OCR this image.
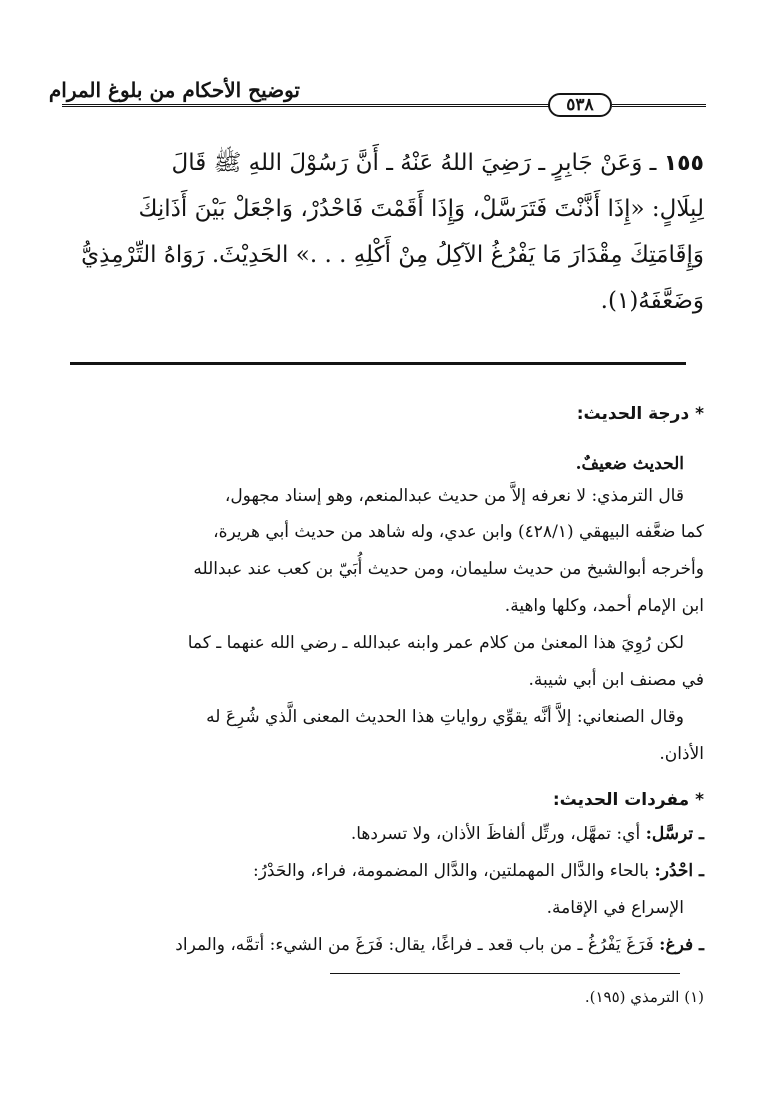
توضيح الأحكام من بلوغ المرام
٥٣٨
١٥٥ ـ وَعَنْ جَابِرٍ ـ رَضِيَ اللهُ عَنْهُ ـ أَنَّ رَسُوْلَ اللهِ ﷺ قَالَ
لِبِلَالٍ: «إِذَا أَذَّنْتَ فَتَرَسَّلْ، وَإِذَا أَقَمْتَ فَاحْدُرْ، وَاجْعَلْ بَيْنَ أَذَانِكَ
وَإِقَامَتِكَ مِقْدَارَ مَا يَفْرُغُ الآكِلُ مِنْ أَكْلِهِ . . .» الحَدِيْثَ. رَوَاهُ التِّرْمِذِيُّ
وَضَعَّفَهُ(١).
* درجة الحديث:
الحديث ضعيفٌ.
قال الترمذي: لا نعرفه إلاَّ من حديث عبدالمنعم، وهو إسناد مجهول،
كما ضعَّفه البيهقي (٤٢٨/١) وابن عدي، وله شاهد من حديث أبي هريرة،
وأخرجه أبوالشيخ من حديث سليمان، ومن حديث أُبَيّ بن كعب عند عبدالله
ابن الإمام أحمد، وكلها واهية.
لكن رُوِيَ هذا المعنىٰ من كلام عمر وابنه عبدالله ـ رضي الله عنهما ـ كما
في مصنف ابن أبي شيبة.
وقال الصنعاني: إلاَّ أنَّه يقوِّي رواياتِ هذا الحديث المعنى الَّذي شُرِعَ له
الأذان.
* مفردات الحديث:
ـ ترسَّل: أي: تمهَّل، ورتِّل ألفاظَ الأذان، ولا تسردها.
ـ احْدُر: بالحاء والدَّال المهملتين، والدَّال المضمومة، فراء، والحَدْرُ:
الإسراع في الإقامة.
ـ فرغ: فَرَغَ يَفْرُغُ ـ من باب قعد ـ فراغًا، يقال: فَرَغَ من الشيء: أتمَّه، والمراد
(١) الترمذي (١٩٥).
